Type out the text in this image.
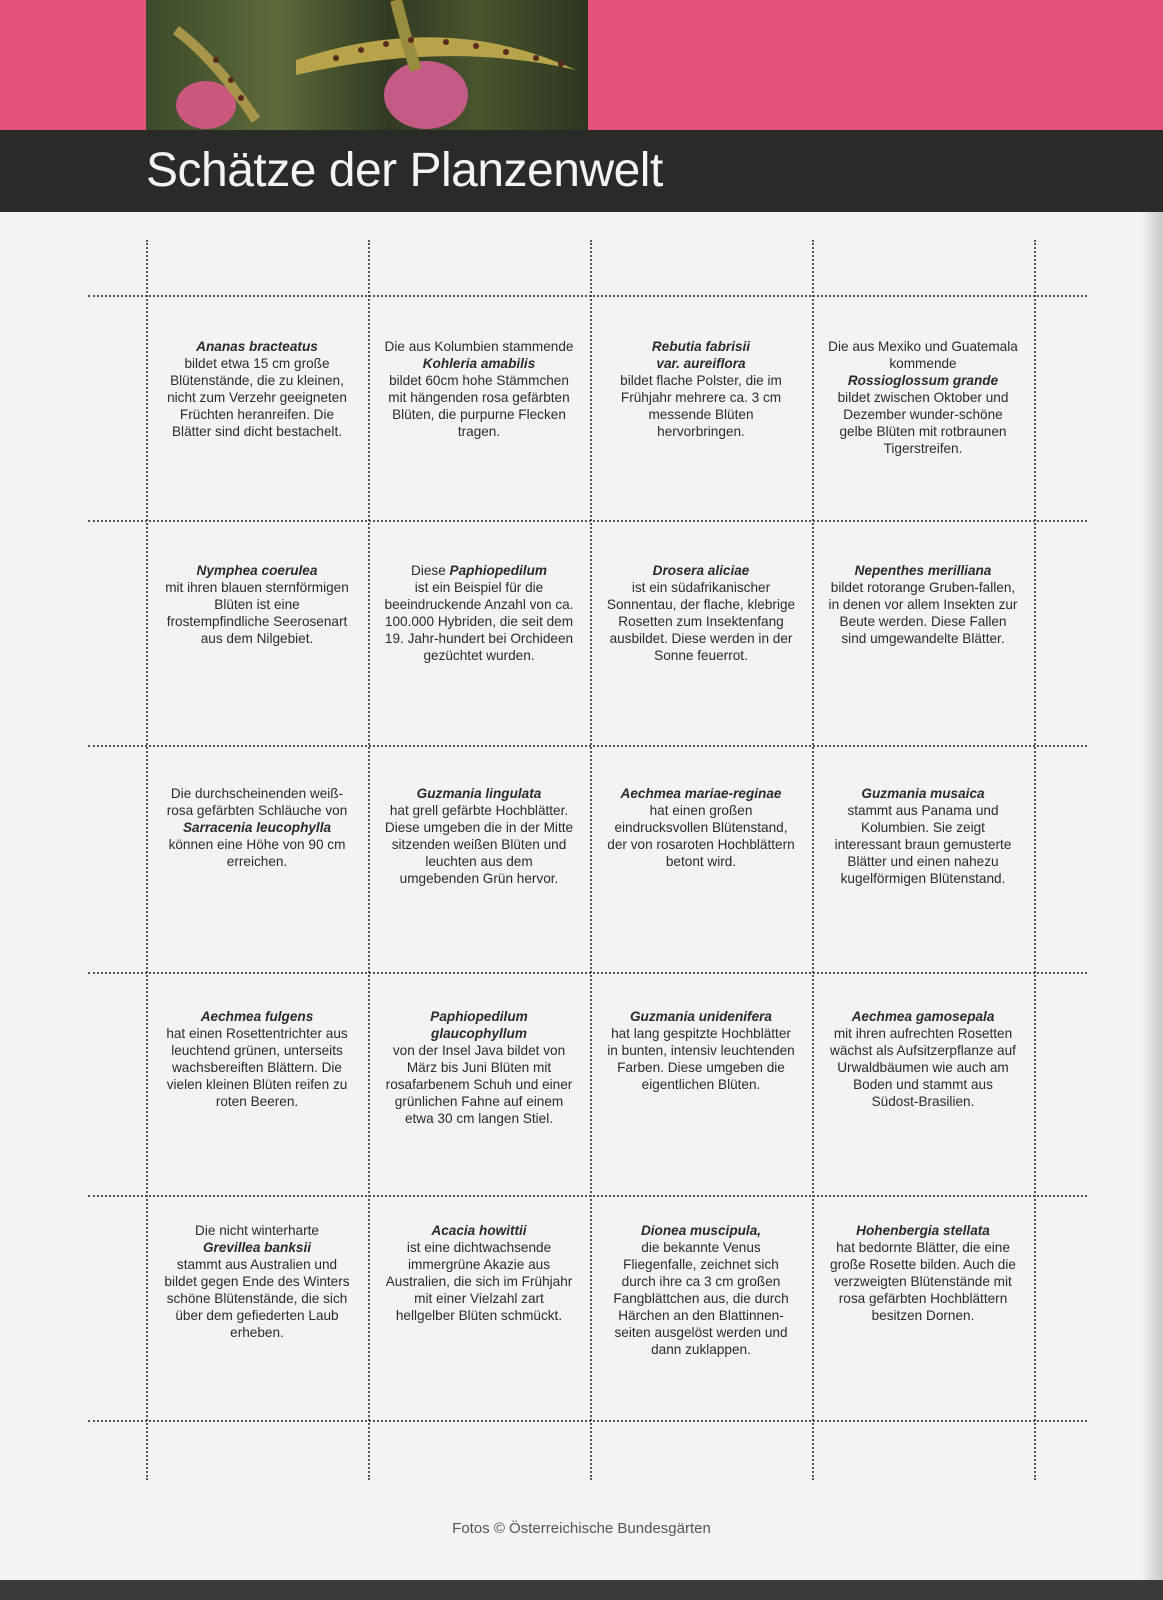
Schätze der Planzenwelt
Ananas bracteatus
bildet etwa 15 cm große Blütenstände, die zu kleinen, nicht zum Verzehr geeigneten Früchten heranreifen. Die Blätter sind dicht bestachelt.
Die aus Kolumbien stammende
Kohleria amabilis
bildet 60cm hohe Stämmchen mit hängenden rosa gefärbten Blüten, die purpurne Flecken tragen.
Rebutia fabrisii
var. aureiflora
bildet flache Polster, die im Frühjahr mehrere ca. 3 cm messende Blüten hervorbringen.
Die aus Mexiko und Guatemala kommende
Rossioglossum grande
bildet zwischen Oktober und Dezember wunder-schöne gelbe Blüten mit rotbraunen Tigerstreifen.
Nymphea coerulea
mit ihren blauen sternförmigen Blüten ist eine frostempfindliche Seerosenart aus dem Nilgebiet.
Diese Paphiopedilum
ist ein Beispiel für die beeindruckende Anzahl von ca. 100.000 Hybriden, die seit dem 19. Jahr-hundert bei Orchideen gezüchtet wurden.
Drosera aliciae
ist ein südafrikanischer Sonnentau, der flache, klebrige Rosetten zum Insektenfang ausbildet. Diese werden in der Sonne feuerrot.
Nepenthes merilliana
bildet rotorange Gruben-fallen, in denen vor allem Insekten zur Beute werden. Diese Fallen sind umgewandelte Blätter.
Die durchscheinenden weiß-rosa gefärbten Schläuche von
Sarracenia leucophylla
können eine Höhe von 90 cm erreichen.
Guzmania lingulata
hat grell gefärbte Hochblätter. Diese umgeben die in der Mitte sitzenden weißen Blüten und leuchten aus dem umgebenden Grün hervor.
Aechmea mariae-reginae
hat einen großen eindrucksvollen Blütenstand, der von rosaroten Hochblättern betont wird.
Guzmania musaica
stammt aus Panama und Kolumbien. Sie zeigt interessant braun gemusterte Blätter und einen nahezu kugelförmigen Blütenstand.
Aechmea fulgens
hat einen Rosettentrichter aus leuchtend grünen, unterseits wachsbereiften Blättern. Die vielen kleinen Blüten reifen zu roten Beeren.
Paphiopedilum glaucophyllum
von der Insel Java bildet von März bis Juni Blüten mit rosafarbenem Schuh und einer grünlichen Fahne auf einem etwa 30 cm langen Stiel.
Guzmania unidenifera
hat lang gespitzte Hochblätter in bunten, intensiv leuchtenden Farben. Diese umgeben die eigentlichen Blüten.
Aechmea gamosepala
mit ihren aufrechten Rosetten wächst als Aufsitzerpflanze auf Urwaldbäumen wie auch am Boden und stammt aus Südost-Brasilien.
Die nicht winterharte
Grevillea banksii
stammt aus Australien und bildet gegen Ende des Winters schöne Blütenstände, die sich über dem gefiederten Laub erheben.
Acacia howittii
ist eine dichtwachsende immergrüne Akazie aus Australien, die sich im Frühjahr mit einer Vielzahl zart hellgelber Blüten schmückt.
Dionea muscipula,
die bekannte Venus Fliegenfalle, zeichnet sich durch ihre ca 3 cm großen Fangblättchen aus, die durch Härchen an den Blattinnen-seiten ausgelöst werden und dann zuklappen.
Hohenbergia stellata
hat bedornte Blätter, die eine große Rosette bilden. Auch die verzweigten Blütenstände mit rosa gefärbten Hochblättern besitzen Dornen.
Fotos © Österreichische Bundesgärten
